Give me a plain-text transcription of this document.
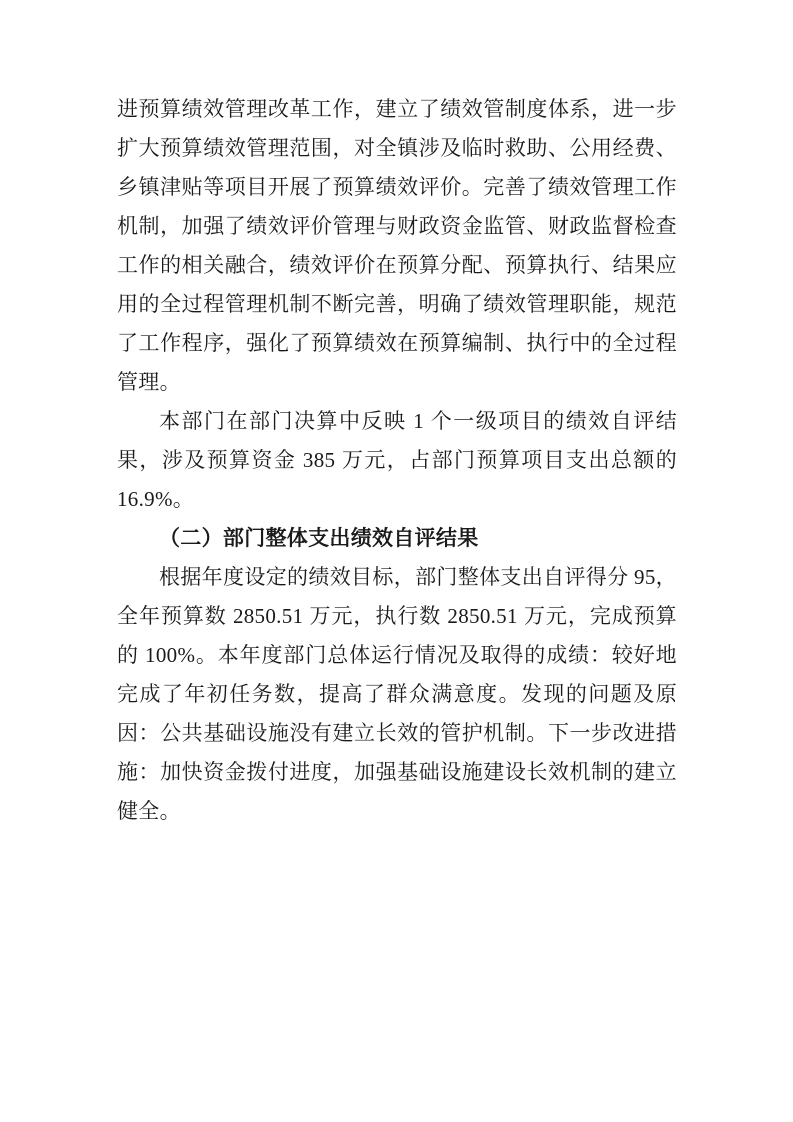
进预算绩效管理改革工作，建立了绩效管制度体系，进一步扩大预算绩效管理范围，对全镇涉及临时救助、公用经费、乡镇津贴等项目开展了预算绩效评价。完善了绩效管理工作机制，加强了绩效评价管理与财政资金监管、财政监督检查工作的相关融合，绩效评价在预算分配、预算执行、结果应用的全过程管理机制不断完善，明确了绩效管理职能，规范了工作程序，强化了预算绩效在预算编制、执行中的全过程管理。

本部门在部门决算中反映 1 个一级项目的绩效自评结果，涉及预算资金 385 万元，占部门预算项目支出总额的 16.9%。

（二）部门整体支出绩效自评结果

根据年度设定的绩效目标，部门整体支出自评得分 95，全年预算数 2850.51 万元，执行数 2850.51 万元，完成预算的 100%。本年度部门总体运行情况及取得的成绩：较好地完成了年初任务数，提高了群众满意度。发现的问题及原因：公共基础设施没有建立长效的管护机制。下一步改进措施：加快资金拨付进度，加强基础设施建设长效机制的建立健全。
